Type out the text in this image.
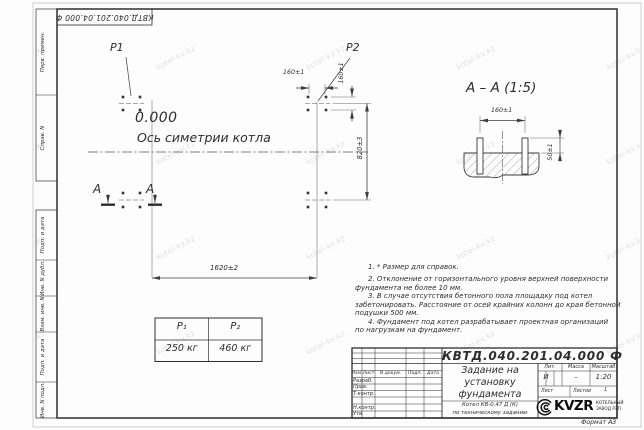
КВТД.040.201.04.000 Ф
Перв. примен.
Справ. N
Подп. и дата
Инв. N дубл.
Взам. инв. N
Подп. и дата
Инв. N подл.
Формат А3
P1	P2
0.000
Ось симетрии котла
160±1	160±1
820±3
1620±2
А	А
А – А (1:5)
160±1
50±1
P₁	P₂
250 кг	460 кг
1. * Размер для справок.
2. Отклонение от горизонтального уровня верхней поверхности
фундамента не более 10 мм.
3. В случае отсутствия бетонного пола площадку под котел
забетонировать. Расстояние от осей крайних колонн до края бетонной
подушки 500 мм.
4. Фундамент под котел разрабатывает проектная организаций
по нагрузкам на фундамент.
КВТД.040.201.04.000 Ф
Изм. Лист	N докум.	Подп.	Дата
Разраб.
Пров.
Т.контр.
Н.контр.
Утв.
Задание на
установку
фундамента
Котел КВ-0,47 Д (К)
по техническому заданию
Лит.	Масса	Масштаб
И	–	1:20
Лист	Листов	1
KVZR КОТЕЛЬНЫЙ
ЗАВОД РЭП
